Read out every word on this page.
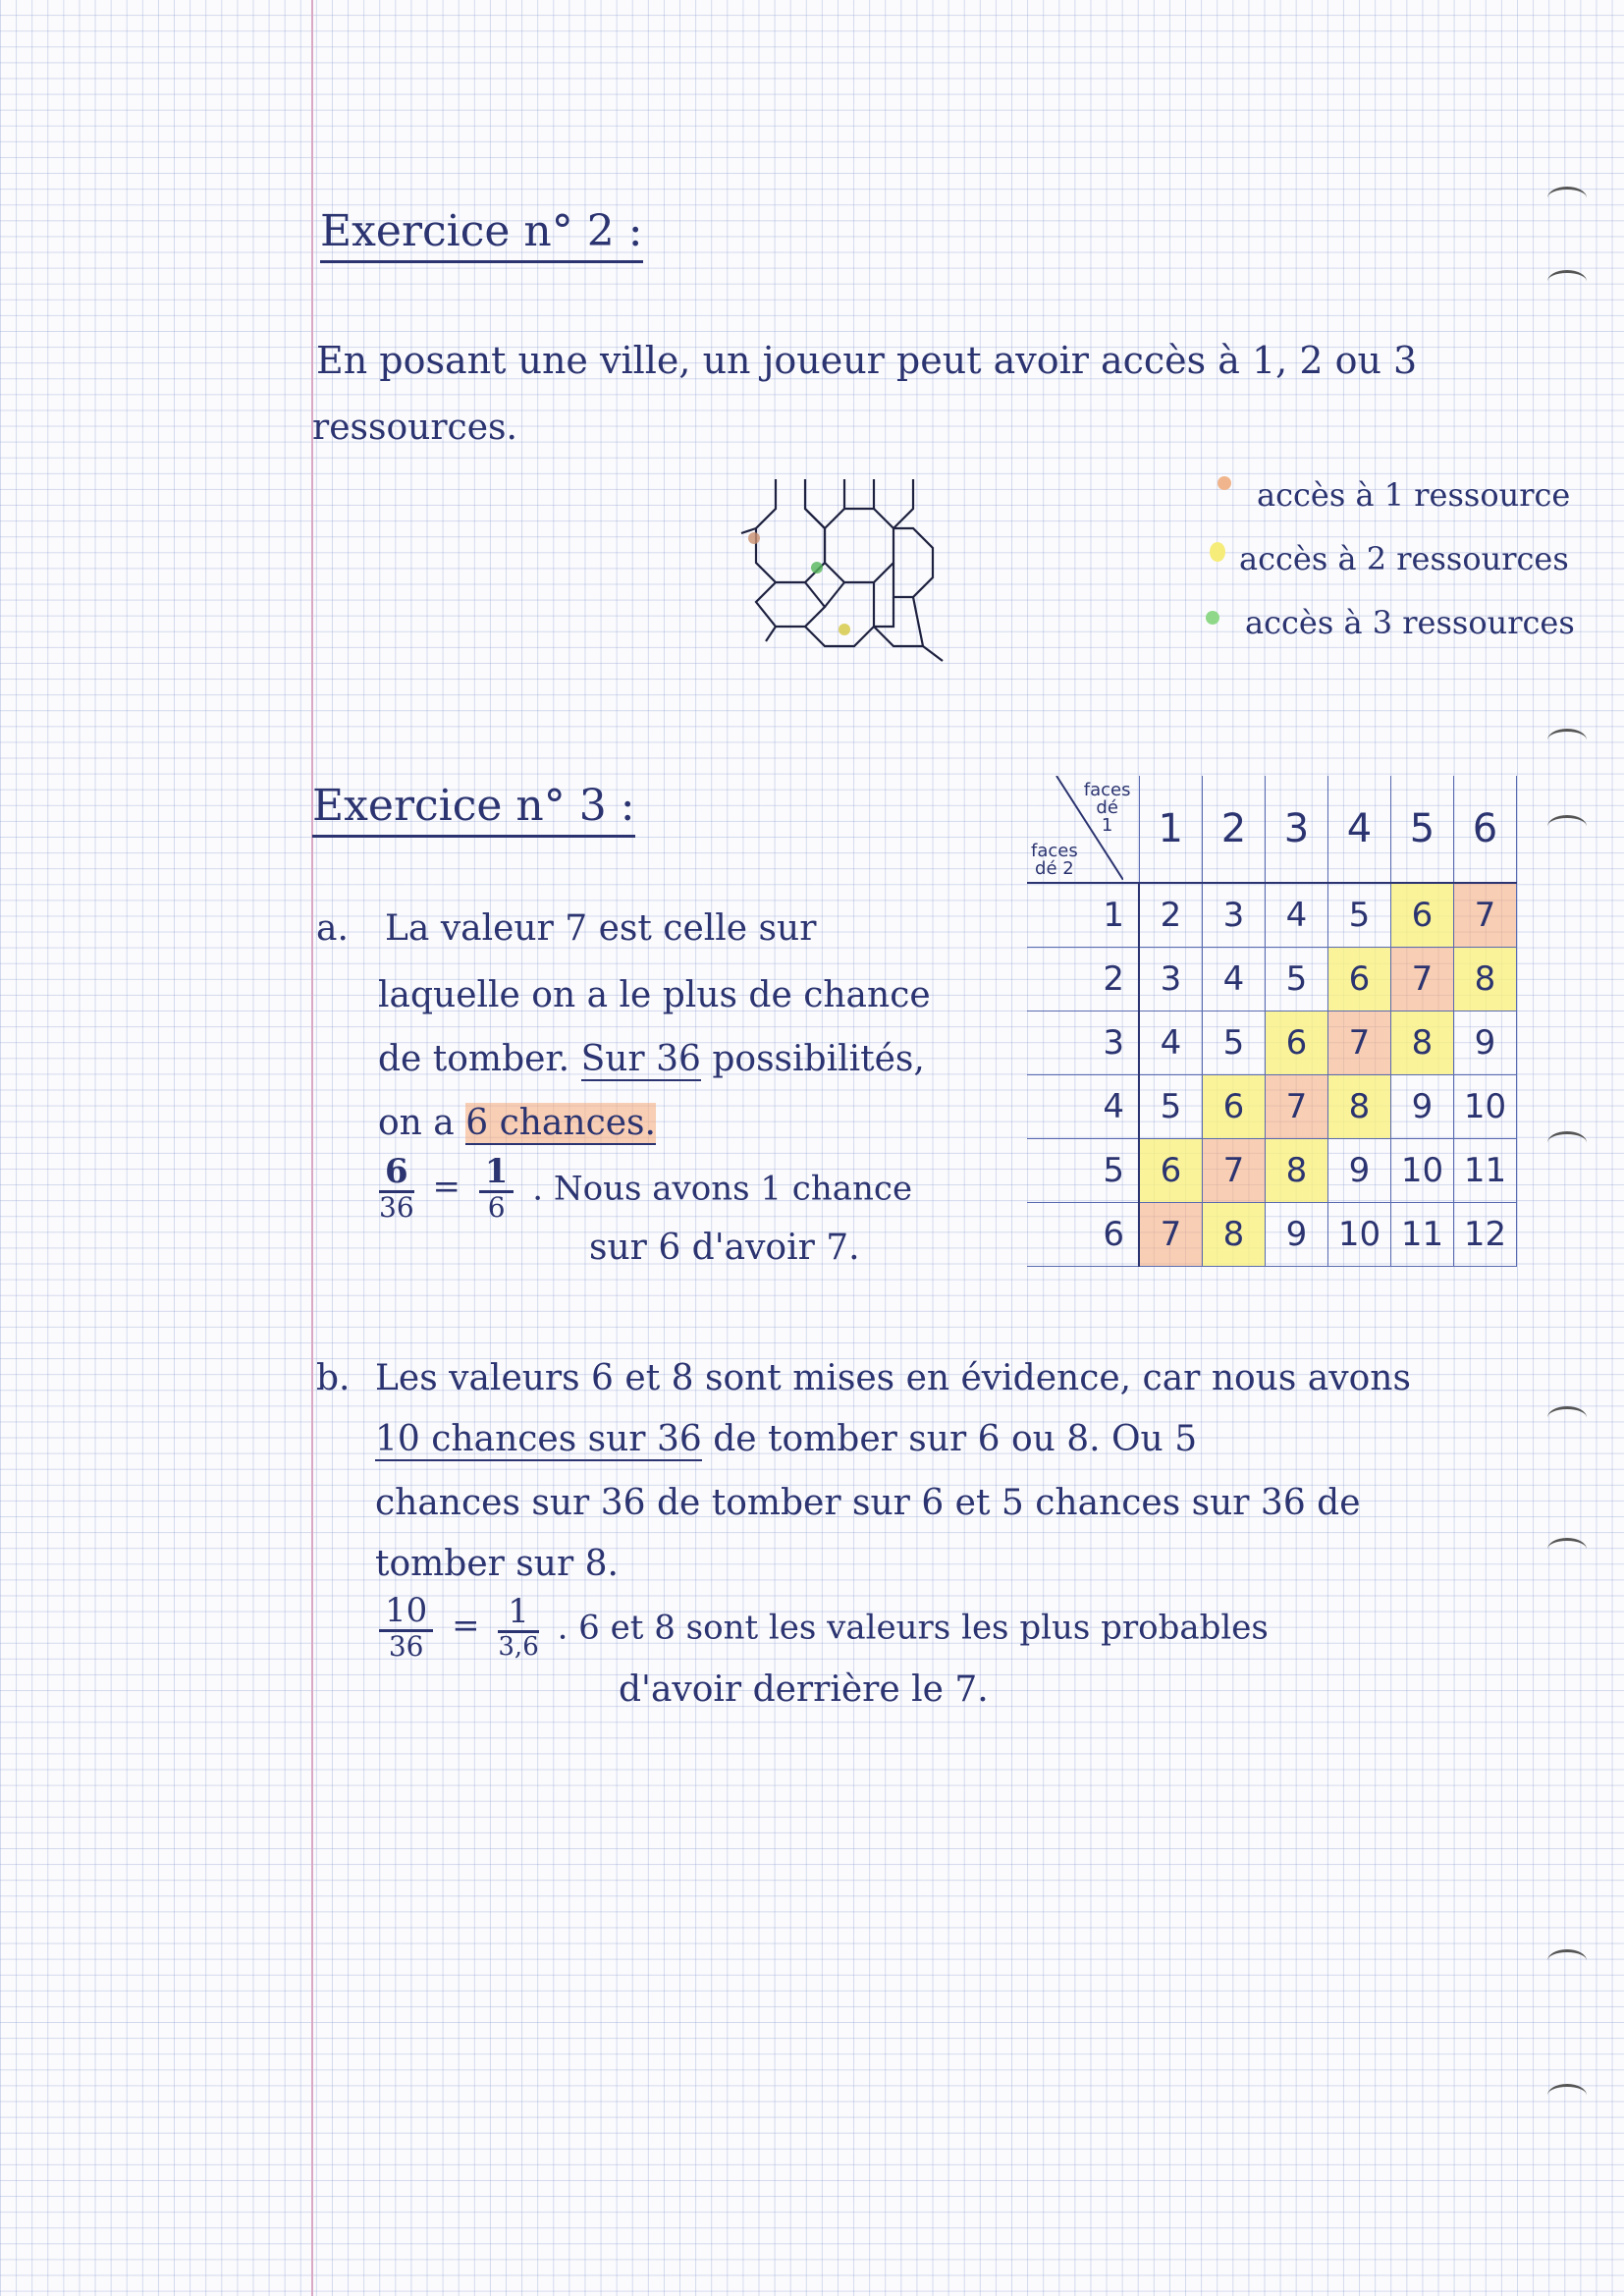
Exercice n° 2 :
En posant une ville, un joueur peut avoir accès à 1, 2 ou 3
ressources.
accès à 1 ressource
accès à 2 ressources
accès à 3 ressources
Exercice n° 3 :	faces
dé
1
faces
dé 2	1	2	3	4	5	6
1	2	3	4	5	6	7
2	3	4	5	6	7	8
3	4	5	6	7	8	9
4	5	6	7	8	9	10
5	6	7	8	9	10	11
6	7	8	9	10	11	12
a. La valeur 7 est celle sur
laquelle on a le plus de chance
de tomber. Sur 36 possibilités,
on a 6 chances.
$\frac{6}{36} = \frac{1}{6}$ . Nous avons 1 chance
sur 6 d'avoir 7.
b. Les valeurs 6 et 8 sont mises en évidence, car nous avons
10 chances sur 36 de tomber sur 6 ou 8. Ou 5
chances sur 36 de tomber sur 6 et 5 chances sur 36 de
tomber sur 8.
$\frac{10}{36} = \frac{1}{3,6}$ . 6 et 8 sont les valeurs les plus probables
d'avoir derrière le 7.
